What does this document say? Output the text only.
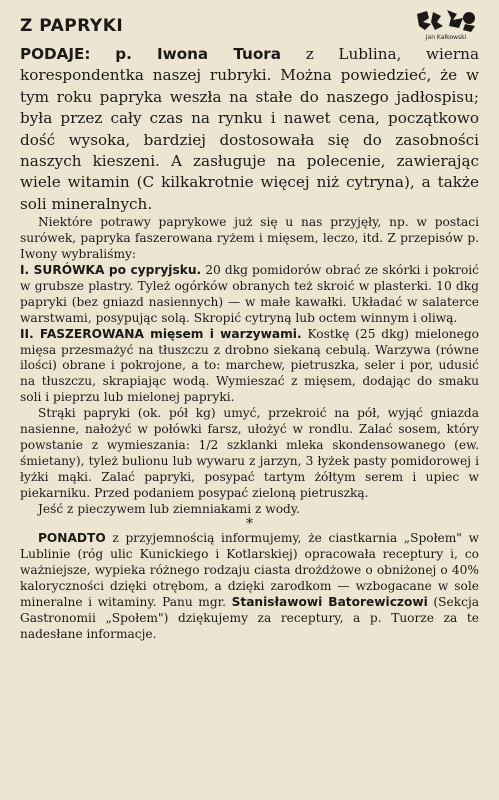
Z PAPRYKI
Jan Kałkowski

PODAJE: p. Iwona Tuora z Lublina, wierna korespondentka naszej rubryki. Można powiedzieć, że w tym roku papryka weszła na stałe do naszego jadłospisu; była przez cały czas na rynku i nawet cena, początkowo dość wysoka, bardziej dostosowała się do zasobności naszych kieszeni. A zasługuje na polecenie, zawierając wiele witamin (C kilkakrotnie więcej niż cytryna), a także soli mineralnych.

Niektóre potrawy paprykowe już się u nas przyjęły, np. w postaci surówek, papryka faszerowana ryżem i mięsem, leczo, itd. Z przepisów p. Iwony wybraliśmy:

I. SURÓWKA po cypryjsku. 20 dkg pomidorów obrać ze skórki i pokroić w grubsze plastry. Tyleż ogórków obranych też skroić w plasterki. 10 dkg papryki (bez gniazd nasiennych) — w małe kawałki. Układać w salaterce warstwami, posypując solą. Skropić cytryną lub octem winnym i oliwą.

II. FASZEROWANA mięsem i warzywami. Kostkę (25 dkg) mielonego mięsa przesmażyć na tłuszczu z drobno siekaną cebulą. Warzywa (równe ilości) obrane i pokrojone, a to: marchew, pietruszka, seler i por, udusić na tłuszczu, skrapiając wodą. Wymieszać z mięsem, dodając do smaku soli i pieprzu lub mielonej papryki.

Strąki papryki (ok. pół kg) umyć, przekroić na pół, wyjąć gniazda nasienne, nałożyć w połówki farsz, ułożyć w rondlu. Zalać sosem, który powstanie z wymieszania: 1/2 szklanki mleka skondensowanego (ew. śmietany), tyleż bulionu lub wywaru z jarzyn, 3 łyżek pasty pomidorowej i łyżki mąki. Zalać papryki, posypać tartym żółtym serem i upiec w piekarniku. Przed podaniem posypać zieloną pietruszką.

Jeść z pieczywem lub ziemniakami z wody.

*

PONADTO z przyjemnością informujemy, że ciastkarnia „Społem" w Lublinie (róg ulic Kunickiego i Kotlarskiej) opracowała receptury i, co ważniejsze, wypieka różnego rodzaju ciasta drożdżowe o obniżonej o 40% kaloryczności dzięki otrębom, a dzięki zarodkom — wzbogacane w sole mineralne i witaminy. Panu mgr. Stanisławowi Batorewiczowi (Sekcja Gastronomii „Społem") dziękujemy za receptury, a p. Tuorze za te nadesłane informacje.
